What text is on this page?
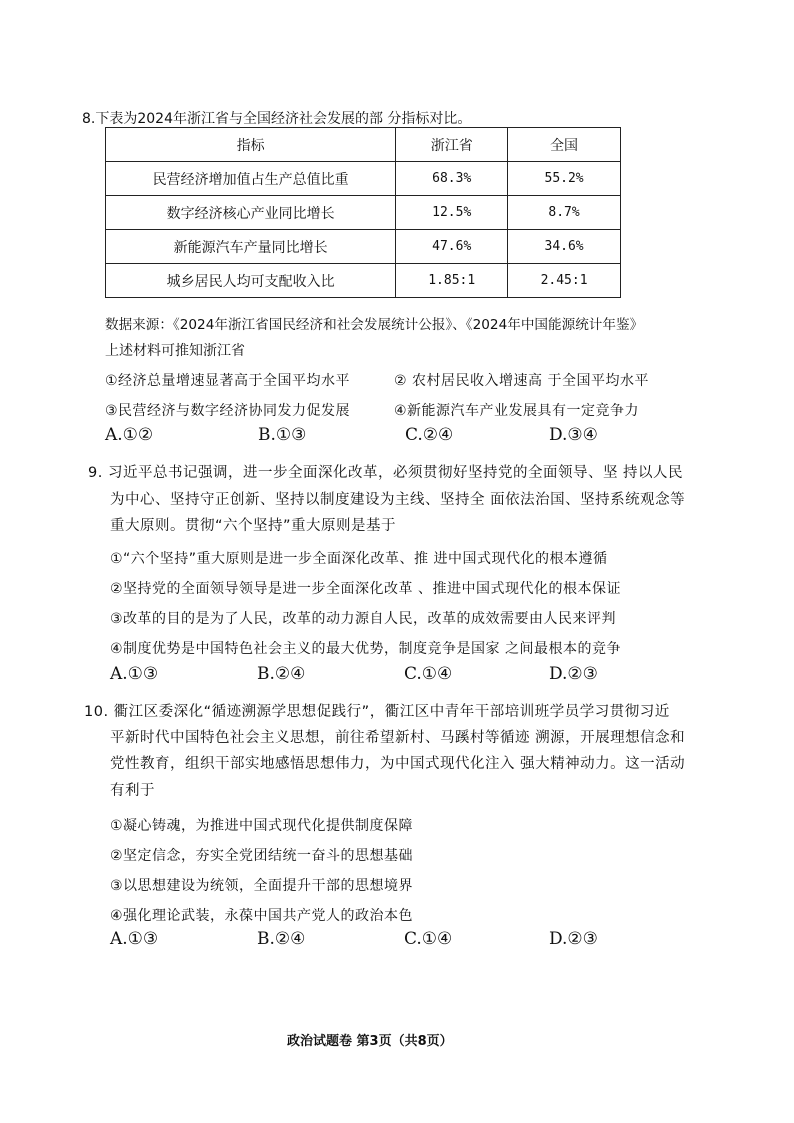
8.下表为2024年浙江省与全国经济社会发展的部 分指标对比。
指标	浙江省	全国
民营经济增加值占生产总值比重	68.3%	55.2%
数字经济核心产业同比增长	12.5%	8.7%
新能源汽车产量同比增长	47.6%	34.6%
城乡居民人均可支配收入比	1.85:1	2.45:1
数据来源：《2024年浙江省国民经济和社会发展统计公报》、《2024年中国能源统计年鉴》
上述材料可推知浙江省
①经济总量增速显著高于全国平均水平	② 农村居民收入增速高 于全国平均水平
③民营经济与数字经济协同发力促发展	④新能源汽车产业发展具有一定竞争力
A.①②	B.①③	C.②④	D.③④
9. 习近平总书记强调，进一步全面深化改革，必须贯彻好坚持党的全面领导、坚 持以人民
为中心、坚持守正创新、坚持以制度建设为主线、坚持全 面依法治国、坚持系统观念等
重大原则。贯彻“六个坚持”重大原则是基于
①“六个坚持”重大原则是进一步全面深化改革、推 进中国式现代化的根本遵循
②坚持党的全面领导领导是进一步全面深化改革 、推进中国式现代化的根本保证
③改革的目的是为了人民，改革的动力源自人民，改革的成效需要由人民来评判
④制度优势是中国特色社会主义的最大优势，制度竞争是国家 之间最根本的竞争
A.①③	B.②④	C.①④	D.②③
10. 衢江区委深化“循迹溯源学思想促践行”，衢江区中青年干部培训班学员学习贯彻习近
平新时代中国特色社会主义思想，前往希望新村、马蹊村等循迹 溯源，开展理想信念和
党性教育，组织干部实地感悟思想伟力，为中国式现代化注入 强大精神动力。这一活动
有利于
①凝心铸魂，为推进中国式现代化提供制度保障
②坚定信念，夯实全党团结统一奋斗的思想基础
③以思想建设为统领，全面提升干部的思想境界
④强化理论武装，永葆中国共产党人的政治本色
A.①③	B.②④	C.①④	D.②③
政治试题卷 第3页（共8页）
